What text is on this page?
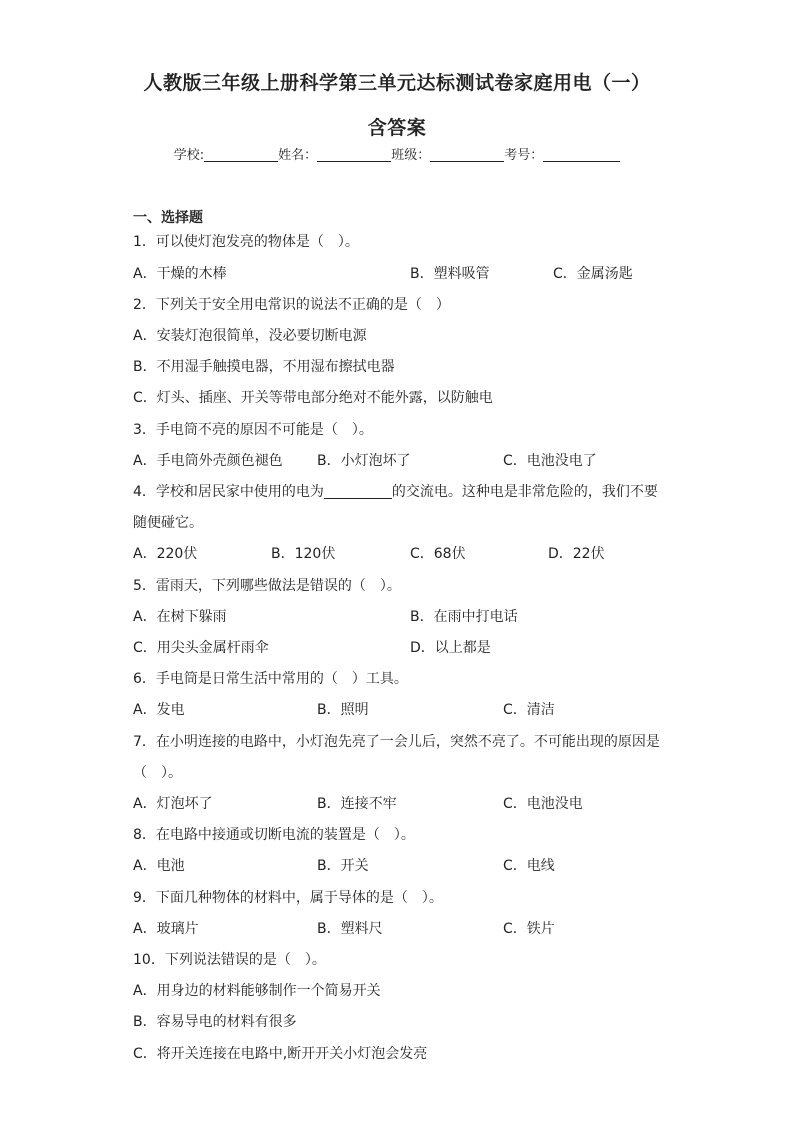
人教版三年级上册科学第三单元达标测试卷家庭用电（一）
含答案
学校:	姓名：	班级：	考号：
一、选择题
1．可以使灯泡发亮的物体是（　）。
A．干燥的木棒	B．塑料吸管	C．金属汤匙
2．下列关于安全用电常识的说法不正确的是（　）
A．安装灯泡很简单，没必要切断电源
B．不用湿手触摸电器，不用湿布擦拭电器
C．灯头、插座、开关等带电部分绝对不能外露，以防触电
3．手电筒不亮的原因不可能是（　）。
A．手电筒外壳颜色褪色 B．小灯泡坏了	C．电池没电了
4．学校和居民家中使用的电为	的交流电。这种电是非常危险的，我们不要
随便碰它。
A．220伏	B．120伏	C．68伏	D．22伏
5．雷雨天，下列哪些做法是错误的（　）。
A．在树下躲雨	B．在雨中打电话
C．用尖头金属杆雨伞	D．以上都是
6．手电筒是日常生活中常用的（　）工具。
A．发电	B．照明	C．清洁
7．在小明连接的电路中，小灯泡先亮了一会儿后，突然不亮了。不可能出现的原因是
（　）。
A．灯泡坏了	B．连接不牢	C．电池没电
8．在电路中接通或切断电流的装置是（　）。
A．电池	B．开关	C．电线
9．下面几种物体的材料中，属于导体的是（　）。
A．玻璃片	B．塑料尺	C．铁片
10．下列说法错误的是（　）。
A．用身边的材料能够制作一个简易开关
B．容易导电的材料有很多
C．将开关连接在电路中,断开开关小灯泡会发亮
